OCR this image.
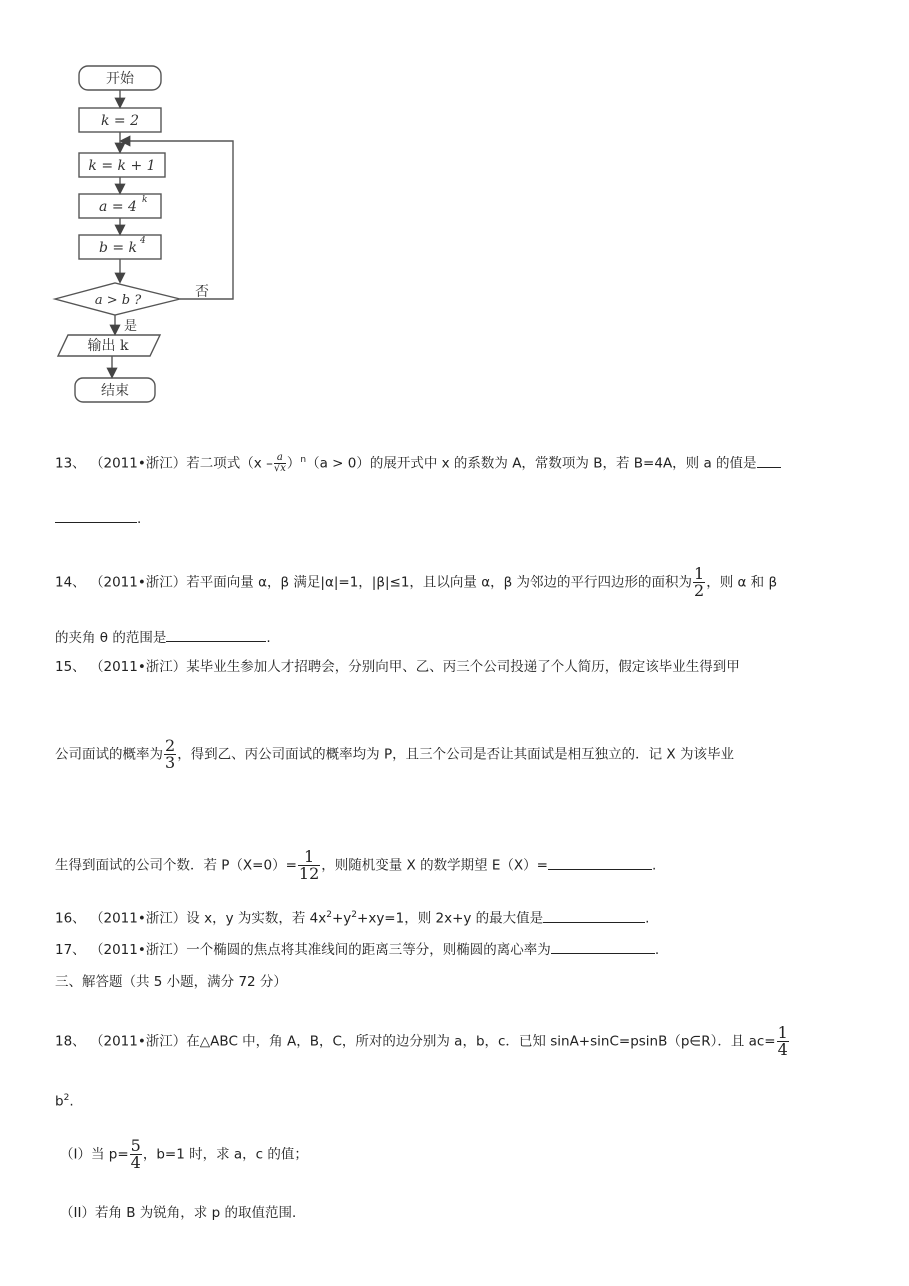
开始
k = 2
k = k + 1
a = 4 k
b = k 4
a > b ?
否
是
输出 k
结束
13、 （2011•浙江）若二项式$(x - \frac{a}{√x})^n(a > 0)$的展开式中 x 的系数为 A，常数项为 B，若 B=4A，则 a 的值是
.
14、 （2011•浙江）若平面向量 α，β 满足|α|=1，|β|≤1，且以向量 α，β 为邻边的平行四边形的面积为 $\frac{1}{2}$ ，则 α 和 β
的夹角 θ 的范围是	.
15、 （2011•浙江）某毕业生参加人才招聘会，分别向甲、乙、丙三个公司投递了个人简历，假定该毕业生得到甲
公司面试的概率为 $\frac{2}{3}$ ，得到乙、丙公司面试的概率均为 P，且三个公司是否让其面试是相互独立的．记 X 为该毕业
生得到面试的公司个数．若 $P(X=0)= \frac{1}{12}$ ，则随机变量 X 的数学期望 E（X）=	.
16、 （2011•浙江）设 x，y 为实数，若 $4x^2+y^2+xy=1$，则 2x+y 的最大值是	.
17、 （2011•浙江）一个椭圆的焦点将其准线间的距离三等分，则椭圆的离心率为	.
三、解答题（共 5 小题，满分 72 分）
18、 （2011•浙江）在△ABC 中，角 A，B，C，所对的边分别为 a，b，c．已知 sinA+sinC=psinB（p∈R）．且 $ac= \frac{1}{4}$
$b^2$.
（I）当 $p= \frac{5}{4}$ ，b=1 时，求 a，c 的值；
（II）若角 B 为锐角，求 p 的取值范围．
